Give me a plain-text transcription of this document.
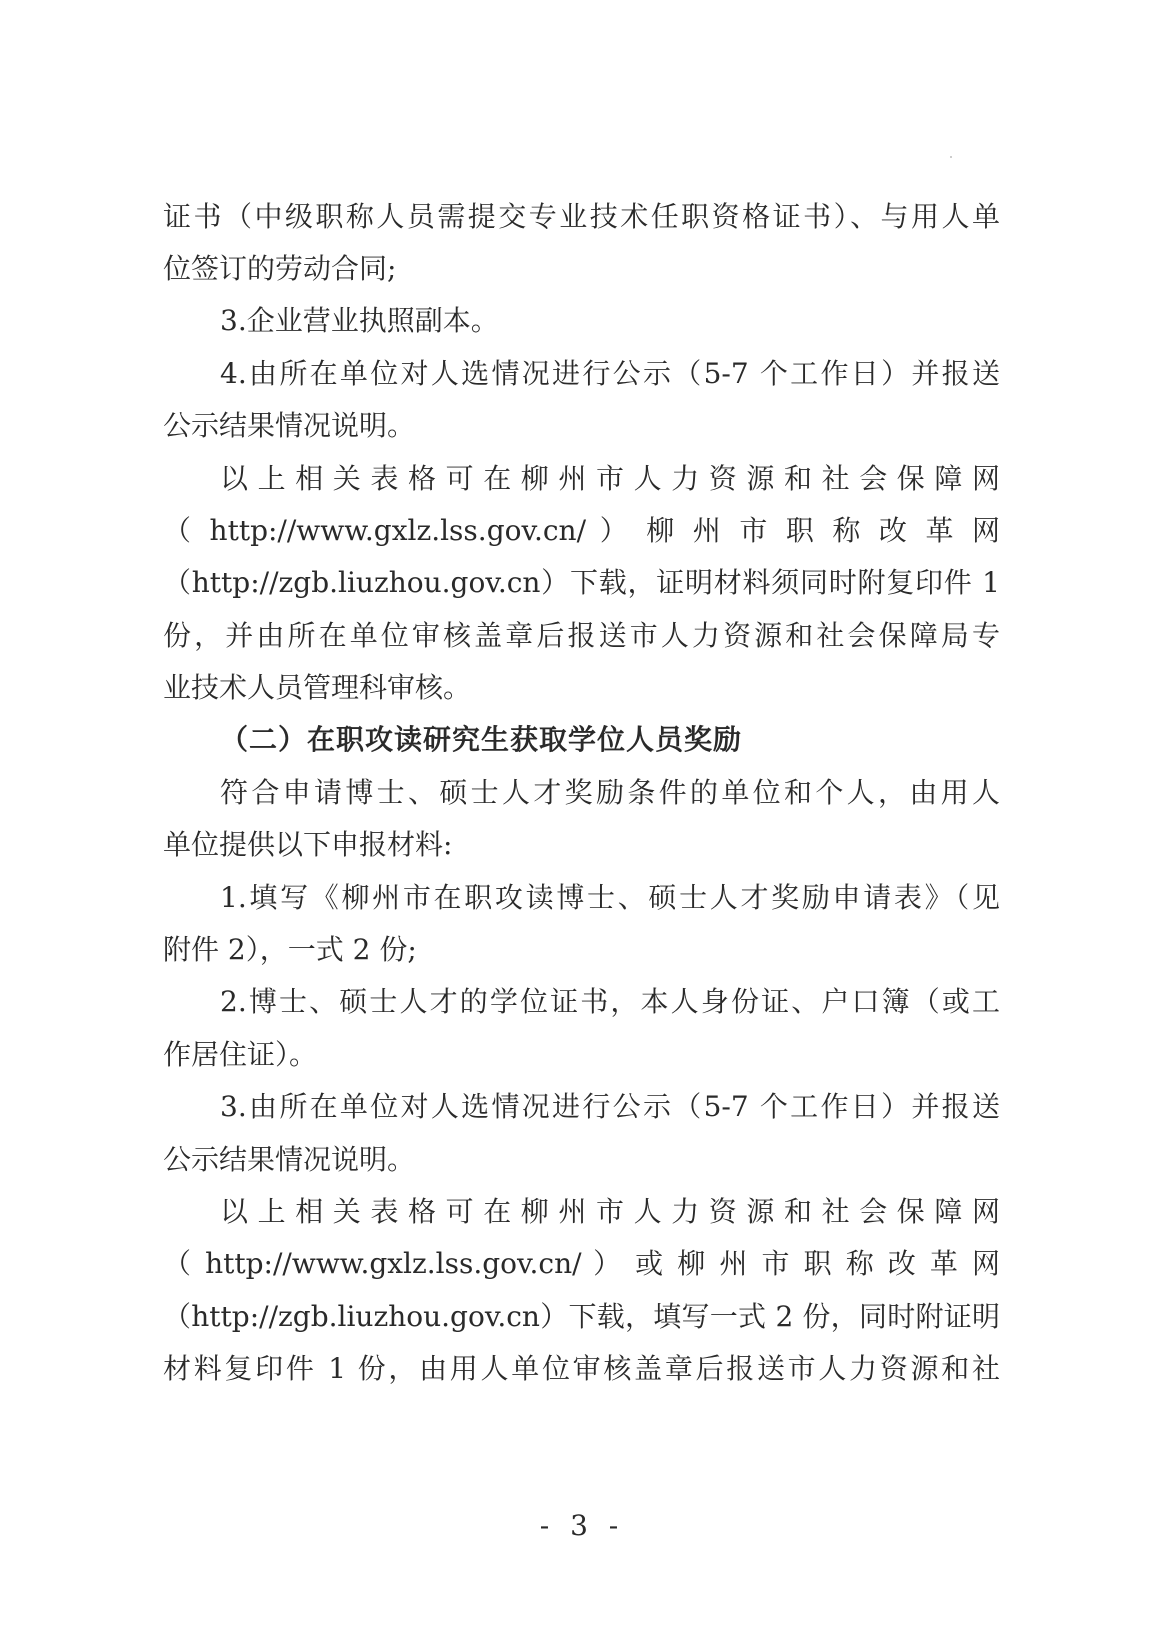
证书（中级职称人员需提交专业技术任职资格证书）、与用人单
位签订的劳动合同;
3.企业营业执照副本。
4.由所在单位对人选情况进行公示（5-7 个工作日）并报送
公示结果情况说明。
以上相关表格可在柳州市人力资源和社会保障网
（ http://www.gxlz.lss.gov.cn/ ） 柳 州 市 职 称 改 革 网
（http://zgb.liuzhou.gov.cn）下载，证明材料须同时附复印件 1
份，并由所在单位审核盖章后报送市人力资源和社会保障局专
业技术人员管理科审核。
（二）在职攻读研究生获取学位人员奖励
符合申请博士、硕士人才奖励条件的单位和个人，由用人
单位提供以下申报材料:
1.填写《柳州市在职攻读博士、硕士人才奖励申请表》（见
附件 2），一式 2 份;
2.博士、硕士人才的学位证书，本人身份证、户口簿（或工
作居住证）。
3.由所在单位对人选情况进行公示（5-7 个工作日）并报送
公示结果情况说明。
以上相关表格可在柳州市人力资源和社会保障网
（ http://www.gxlz.lss.gov.cn/ ） 或 柳 州 市 职 称 改 革 网
（http://zgb.liuzhou.gov.cn）下载，填写一式 2 份，同时附证明
材料复印件 1 份，由用人单位审核盖章后报送市人力资源和社
- 3 -
